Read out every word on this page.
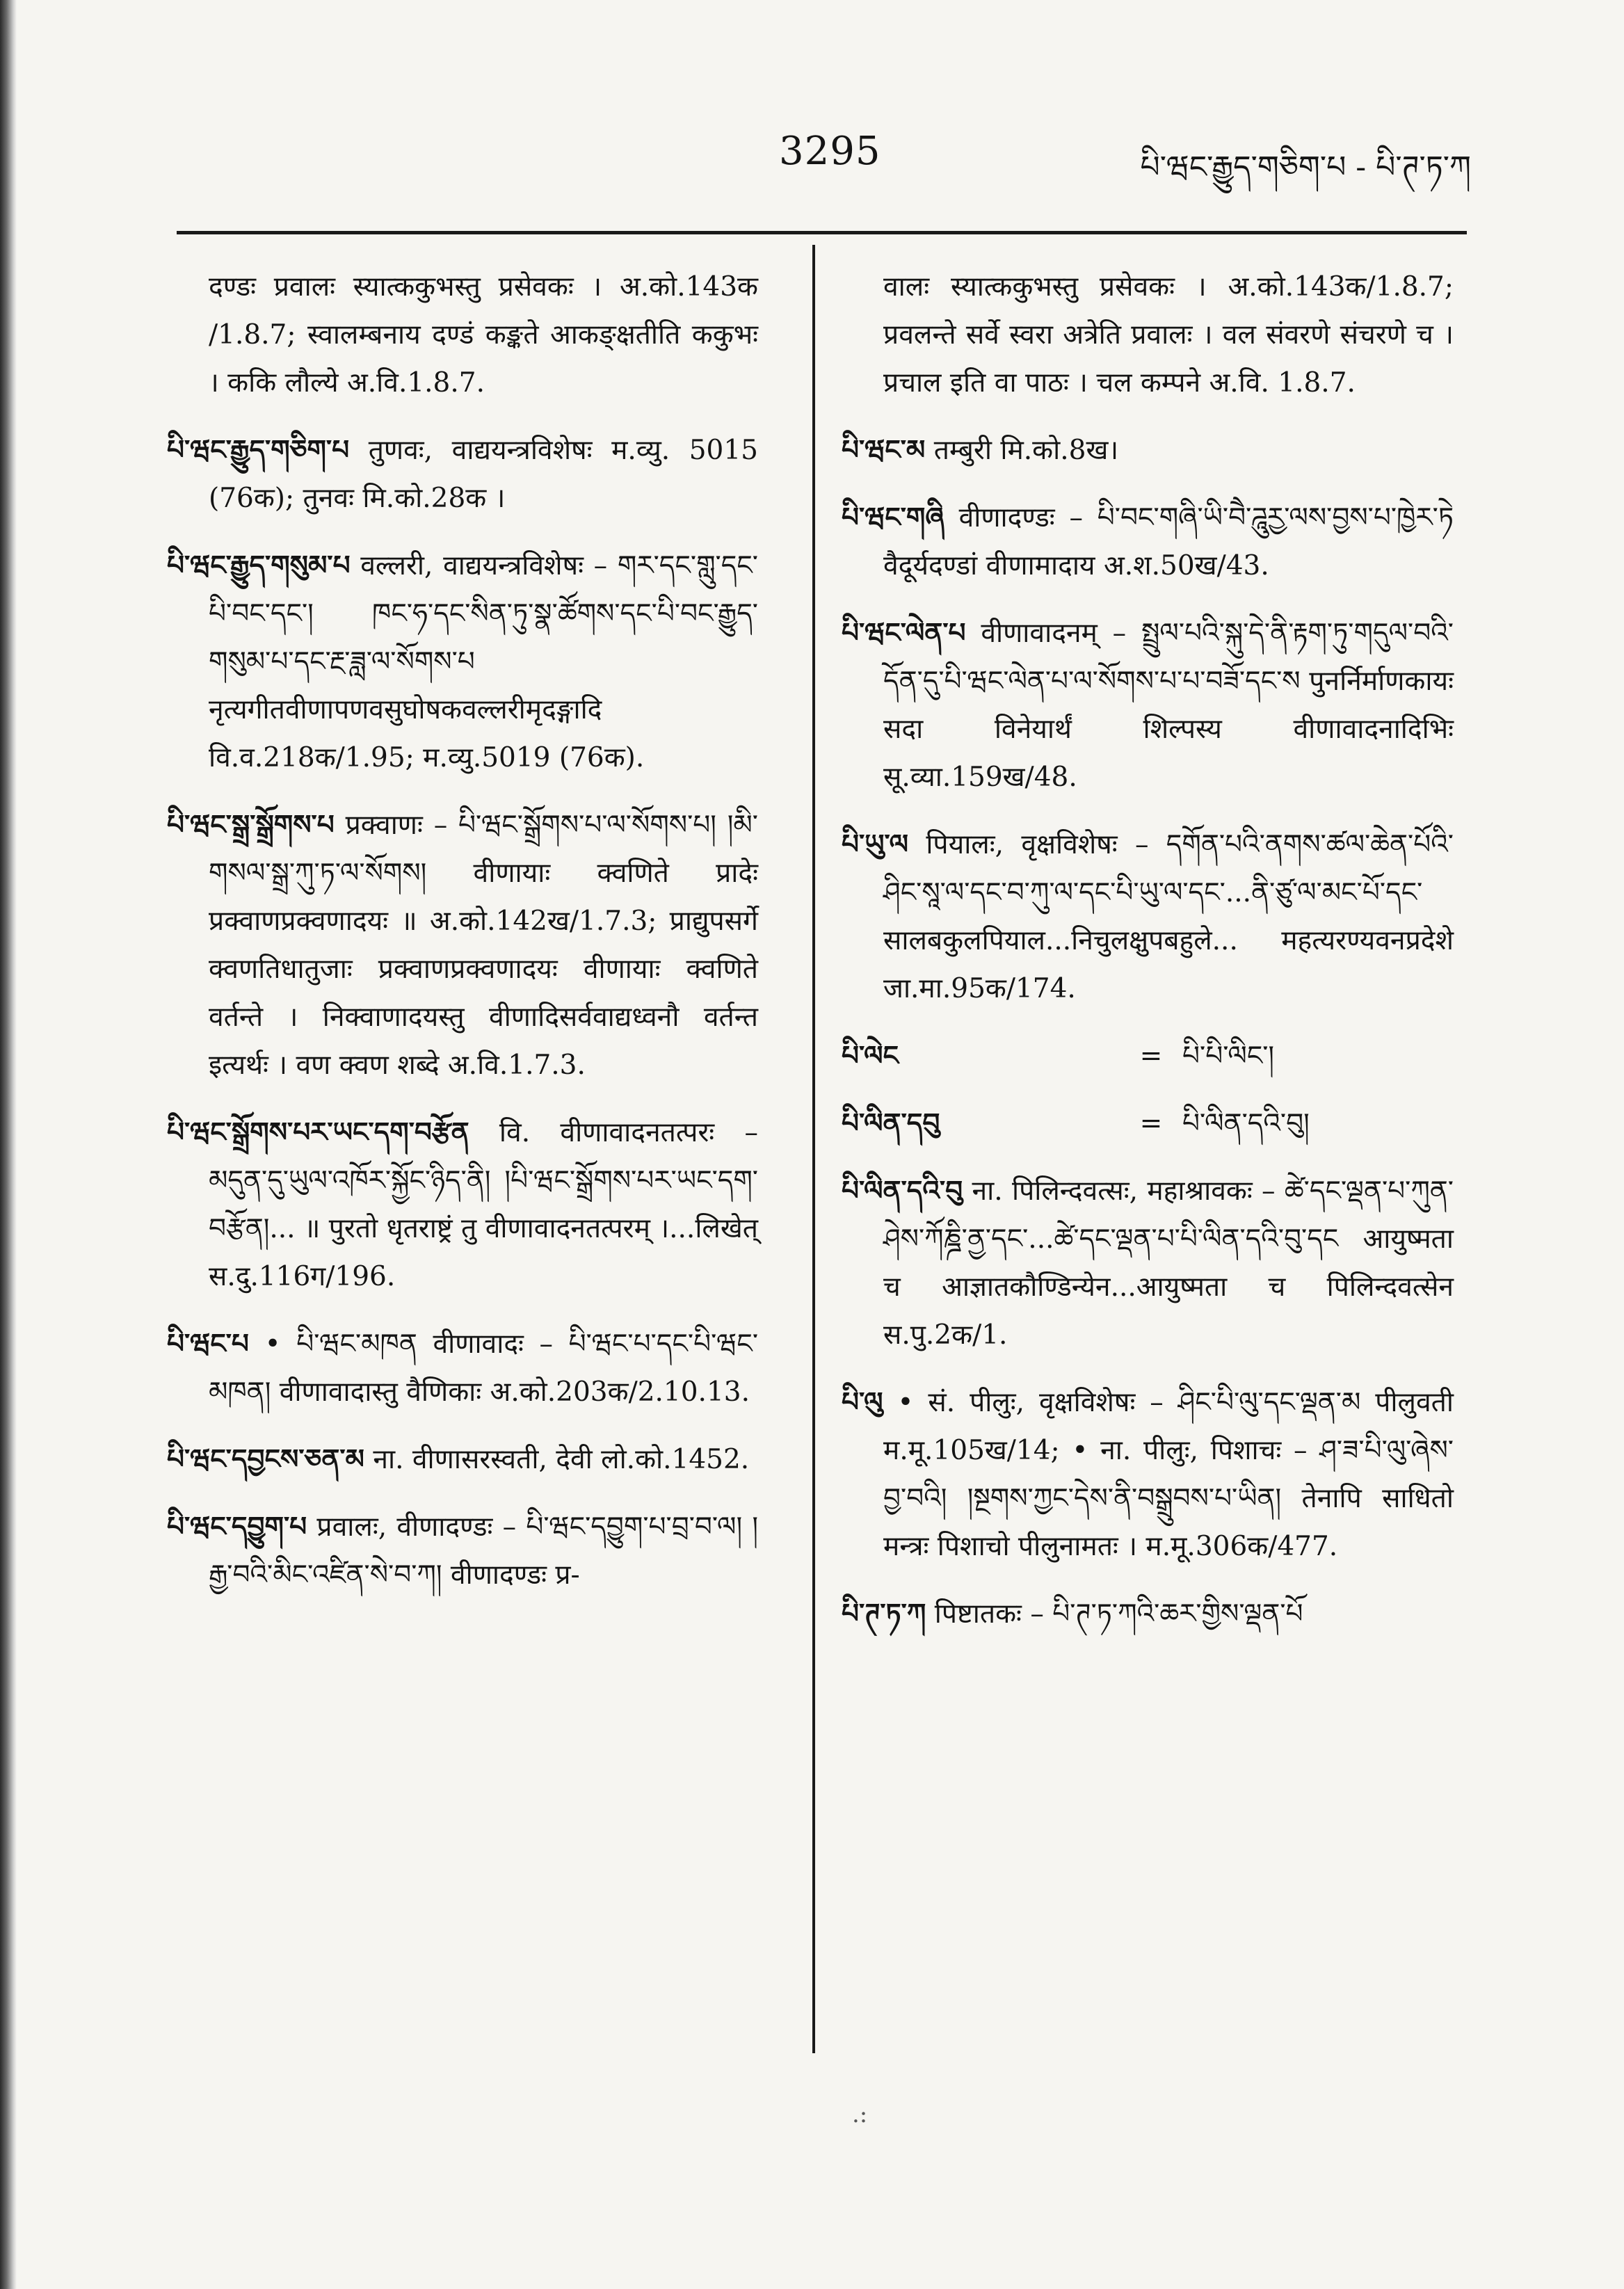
3295	པི་ཝང་རྒྱུད་གཅིག་པ - པི་ཊ་ཏ་ཀ

दण्डः प्रवालः स्यात्ककुभस्तु प्रसेवकः । अ.को.143क /1.8.7; स्वालम्बनाय दण्डं कङ्कते आकङ्क्षतीति ककुभः । ककि लौल्ये अ.वि.1.8.7.

པི་ཝང་རྒྱུད་གཅིག་པ तुणवः, वाद्ययन्त्रविशेषः म.व्यु. 5015 (76क); तुनवः मि.को.28क ।

པི་ཝང་རྒྱུད་གསུམ་པ वल्लरी, वाद्ययन्त्रविशेषः – གར་དང་གླུ་དང་པི་བང་དང་། ཁང་ཧ་དང་སིན་ཏུ་སྣ་ཚོགས་དང་པི་བང་རྒྱུད་གསུམ་པ་དང་རྔ་ཟླ་ལ་སོགས་པ नृत्यगीतवीणापणवसुघोषकवल्लरीमृदङ्गादि वि.व.218क/1.95; म.व्यु.5019 (76क).

པི་ཝང་སྒྲ་སྒྲོགས་པ प्रक्वाणः – པི་ཝང་སྒྲོགས་པ་ལ་སོགས་པ། །མི་གསལ་སྒྲ་ཀུ་ཏ་ལ་སོགས། वीणायाः क्वणिते प्रादेः प्रक्वाणप्रक्वणादयः ॥ अ.को.142ख/1.7.3; प्राद्युपसर्गे क्वणतिधातुजाः प्रक्वाणप्रक्वणादयः वीणायाः क्वणिते वर्तन्ते । निक्वाणादयस्तु वीणादिसर्ववाद्यध्वनौ वर्तन्त इत्यर्थः । वण क्वण शब्दे अ.वि.1.7.3.

པི་ཝང་སྒྲོགས་པར་ཡང་དག་བརྩོན वि. वीणावादनतत्परः – མདུན་དུ་ཡུལ་འཁོར་སྐྱོང་ཉིད་ནི། །པི་ཝང་སྒྲོགས་པར་ཡང་དག་བརྩོན།... ॥ पुरतो धृतराष्ट्रं तु वीणावादनतत्परम् ।...लिखेत् स.दु.116ग/196.

པི་ཝང་པ • པི་ཝང་མཁན वीणावादः – པི་ཝང་པ་དང་པི་ཝང་མཁན། वीणावादास्तु वैणिकाः अ.को.203क/2.10.13.

པི་ཝང་དབྱངས་ཅན་མ ना. वीणासरस्वती, देवी लो.को.1452.

པི་ཝང་དབྱུག་པ प्रवालः, वीणादण्डः – པི་ཝང་དབྱུག་པ་བྲ་བ་ལ། །རྒྱ་བའི་མིང་འཛིན་སེ་བ་ཀ། वीणादण्डः प्र-

वालः स्यात्ककुभस्तु प्रसेवकः । अ.को.143क/1.8.7; प्रवलन्ते सर्वे स्वरा अत्रेति प्रवालः । वल संवरणे संचरणे च । प्रचाल इति वा पाठः । चल कम्पने अ.वि. 1.8.7.

པི་ཝང་མ तम्बुरी मि.को.8ख।

པི་ཝང་གཞི वीणादण्डः – པི་བང་གཞི་ཡི་བཻ་ཌཱུརྱ་ལས་བྱས་པ་ཁྱེར་ཏེ वैदूर्यदण्डां वीणामादाय अ.श.50ख/43.

པི་ཝང་ལེན་པ वीणावादनम् – སྤྲུལ་པའི་སྐུ་དེ་ནི་རྟག་ཏུ་གདུལ་བའི་དོན་དུ་པི་ཝང་ལེན་པ་ལ་སོགས་པ་པ་བཟོ་དང་ས पुनर्निर्माणकायः सदा विनेयार्थं शिल्पस्य वीणावादनादिभिः सू.व्या.159ख/48.

པི་ཡུ་ལ पियालः, वृक्षविशेषः – དགོན་པའི་ནགས་ཚལ་ཆེན་པོའི་ཤིང་སཱ་ལ་དང་བ་ཀུ་ལ་དང་པི་ཡུ་ལ་དང་...ནི་ཙུ་ལ་མང་པོ་དང་ सालबकुलपियाल...निचुलक्षुपबहुले... महत्यरण्यवनप्रदेशे जा.मा.95क/174.

པི་ལེང	= པི་པི་ལིང་།
པི་ལིན་དབུ	= པི་ལིན་དའི་བུ།

པི་ལིན་དའི་བུ ना. पिलिन्दवत्सः, महाश्रावकः – ཚེ་དང་ལྡན་པ་ཀུན་ཤེས་ཀོཎྜི་ནྱ་དང་...ཚེ་དང་ལྡན་པ་པི་ལིན་དའི་བུ་དང आयुष्मता च आज्ञातकौण्डिन्येन...आयुष्मता च पिलिन्दवत्सेन स.पु.2क/1.

པི་ལུ • सं. पीलुः, वृक्षविशेषः – ཤིང་པི་ལུ་དང་ལྡན་མ पीलुवती म.मू.105ख/14; • ना. पीलुः, पिशाचः – ཤ་ཟ་པི་ལུ་ཞེས་བྱ་བའི། །སྔགས་ཀྱང་དེས་ནི་བསྒྲུབས་པ་ཡིན། तेनापि साधितो मन्त्रः पिशाचो पीलुनामतः । म.मू.306क/477.

པི་ཊ་ཏ་ཀ पिष्टातकः – པི་ཊ་ཏ་ཀའི་ཆར་གྱིས་ལྡན་པོ

.:
